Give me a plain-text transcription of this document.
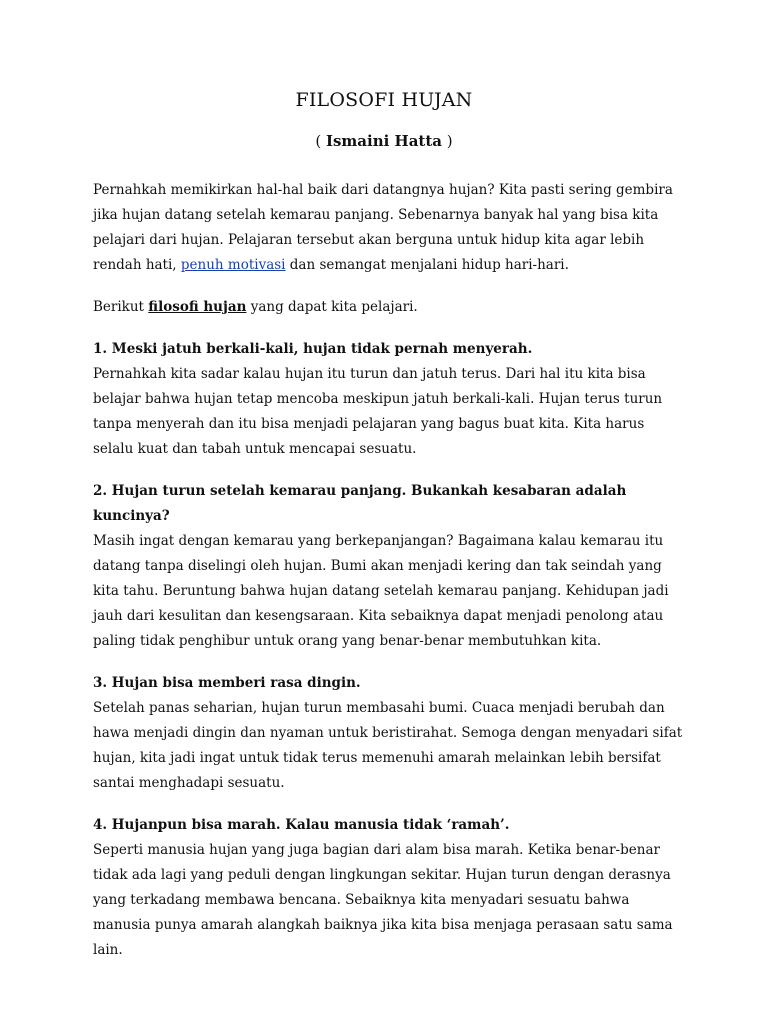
FILOSOFI HUJAN

( Ismaini Hatta )

Pernahkah memikirkan hal-hal baik dari datangnya hujan? Kita pasti sering gembira jika hujan datang setelah kemarau panjang. Sebenarnya banyak hal yang bisa kita pelajari dari hujan. Pelajaran tersebut akan berguna untuk hidup kita agar lebih rendah hati, penuh motivasi dan semangat menjalani hidup hari-hari.

Berikut filosofi hujan yang dapat kita pelajari.

1. Meski jatuh berkali-kali, hujan tidak pernah menyerah.

Pernahkah kita sadar kalau hujan itu turun dan jatuh terus. Dari hal itu kita bisa belajar bahwa hujan tetap mencoba meskipun jatuh berkali-kali. Hujan terus turun tanpa menyerah dan itu bisa menjadi pelajaran yang bagus buat kita. Kita harus selalu kuat dan tabah untuk mencapai sesuatu.

2. Hujan turun setelah kemarau panjang. Bukankah kesabaran adalah kuncinya?

Masih ingat dengan kemarau yang berkepanjangan? Bagaimana kalau kemarau itu datang tanpa diselingi oleh hujan. Bumi akan menjadi kering dan tak seindah yang kita tahu. Beruntung bahwa hujan datang setelah kemarau panjang. Kehidupan jadi jauh dari kesulitan dan kesengsaraan. Kita sebaiknya dapat menjadi penolong atau paling tidak penghibur untuk orang yang benar-benar membutuhkan kita.

3. Hujan bisa memberi rasa dingin.

Setelah panas seharian, hujan turun membasahi bumi. Cuaca menjadi berubah dan hawa menjadi dingin dan nyaman untuk beristirahat. Semoga dengan menyadari sifat hujan, kita jadi ingat untuk tidak terus memenuhi amarah melainkan lebih bersifat santai menghadapi sesuatu.

4. Hujanpun bisa marah. Kalau manusia tidak ‘ramah’.

Seperti manusia hujan yang juga bagian dari alam bisa marah. Ketika benar-benar tidak ada lagi yang peduli dengan lingkungan sekitar. Hujan turun dengan derasnya yang terkadang membawa bencana. Sebaiknya kita menyadari sesuatu bahwa manusia punya amarah alangkah baiknya jika kita bisa menjaga perasaan satu sama lain.
